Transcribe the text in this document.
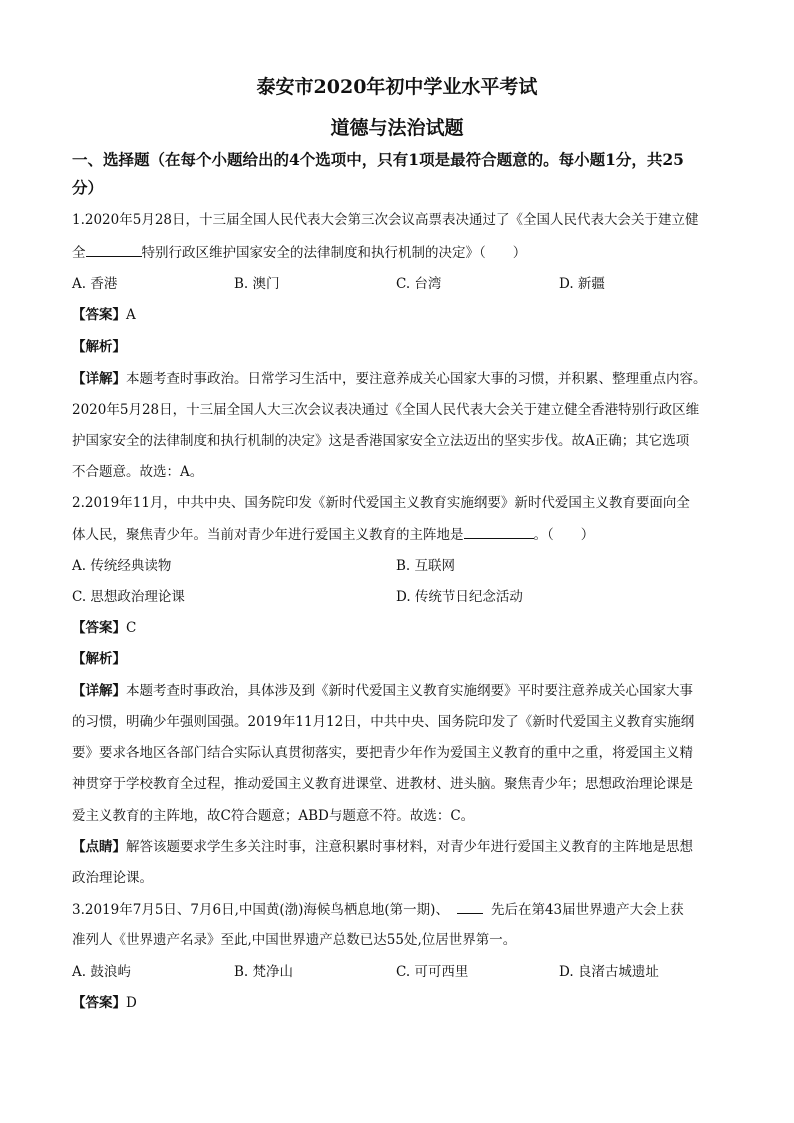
泰安市2020年初中学业水平考试
道德与法治试题
一、选择题（在每个小题给出的4个选项中，只有1项是最符合题意的。每小题1分，共25
分）
1.2020年5月28日，十三届全国人民代表大会第三次会议高票表决通过了《全国人民代表大会关于建立健
全	特别行政区维护国家安全的法律制度和执行机制的决定》（　　）
A. 香港	B. 澳门	C. 台湾	D. 新疆
【答案】A
【解析】
【详解】本题考查时事政治。日常学习生活中，要注意养成关心国家大事的习惯，并积累、整理重点内容。
2020年5月28日，十三届全国人大三次会议表决通过《全国人民代表大会关于建立健全香港特别行政区维
护国家安全的法律制度和执行机制的决定》这是香港国家安全立法迈出的坚实步伐。故A正确；其它选项
不合题意。故选：A。
2.2019年11月，中共中央、国务院印发《新时代爱国主义教育实施纲要》新时代爱国主义教育要面向全
体人民，聚焦青少年。当前对青少年进行爱国主义教育的主阵地是	。（　　）
A. 传统经典读物	B. 互联网
C. 思想政治理论课	D. 传统节日纪念活动
【答案】C
【解析】
【详解】本题考查时事政治，具体涉及到《新时代爱国主义教育实施纲要》平时要注意养成关心国家大事
的习惯，明确少年强则国强。2019年11月12日，中共中央、国务院印发了《新时代爱国主义教育实施纲
要》要求各地区各部门结合实际认真贯彻落实，要把青少年作为爱国主义教育的重中之重，将爱国主义精
神贯穿于学校教育全过程，推动爱国主义教育进课堂、进教材、进头脑。聚焦青少年；思想政治理论课是
爱主义教育的主阵地，故C符合题意；ABD与题意不符。故选：C。
【点睛】解答该题要求学生多关注时事，注意积累时事材料，对青少年进行爱国主义教育的主阵地是思想
政治理论课。
3.2019年7月5日、7月6日,中国黄(渤)海候鸟栖息地(第一期)、	先后在第43届世界遗产大会上获
准列人《世界遗产名录》至此,中国世界遗产总数已达55处,位居世界第一。
A. 鼓浪屿	B. 梵净山	C. 可可西里	D. 良渚古城遗址
【答案】D
